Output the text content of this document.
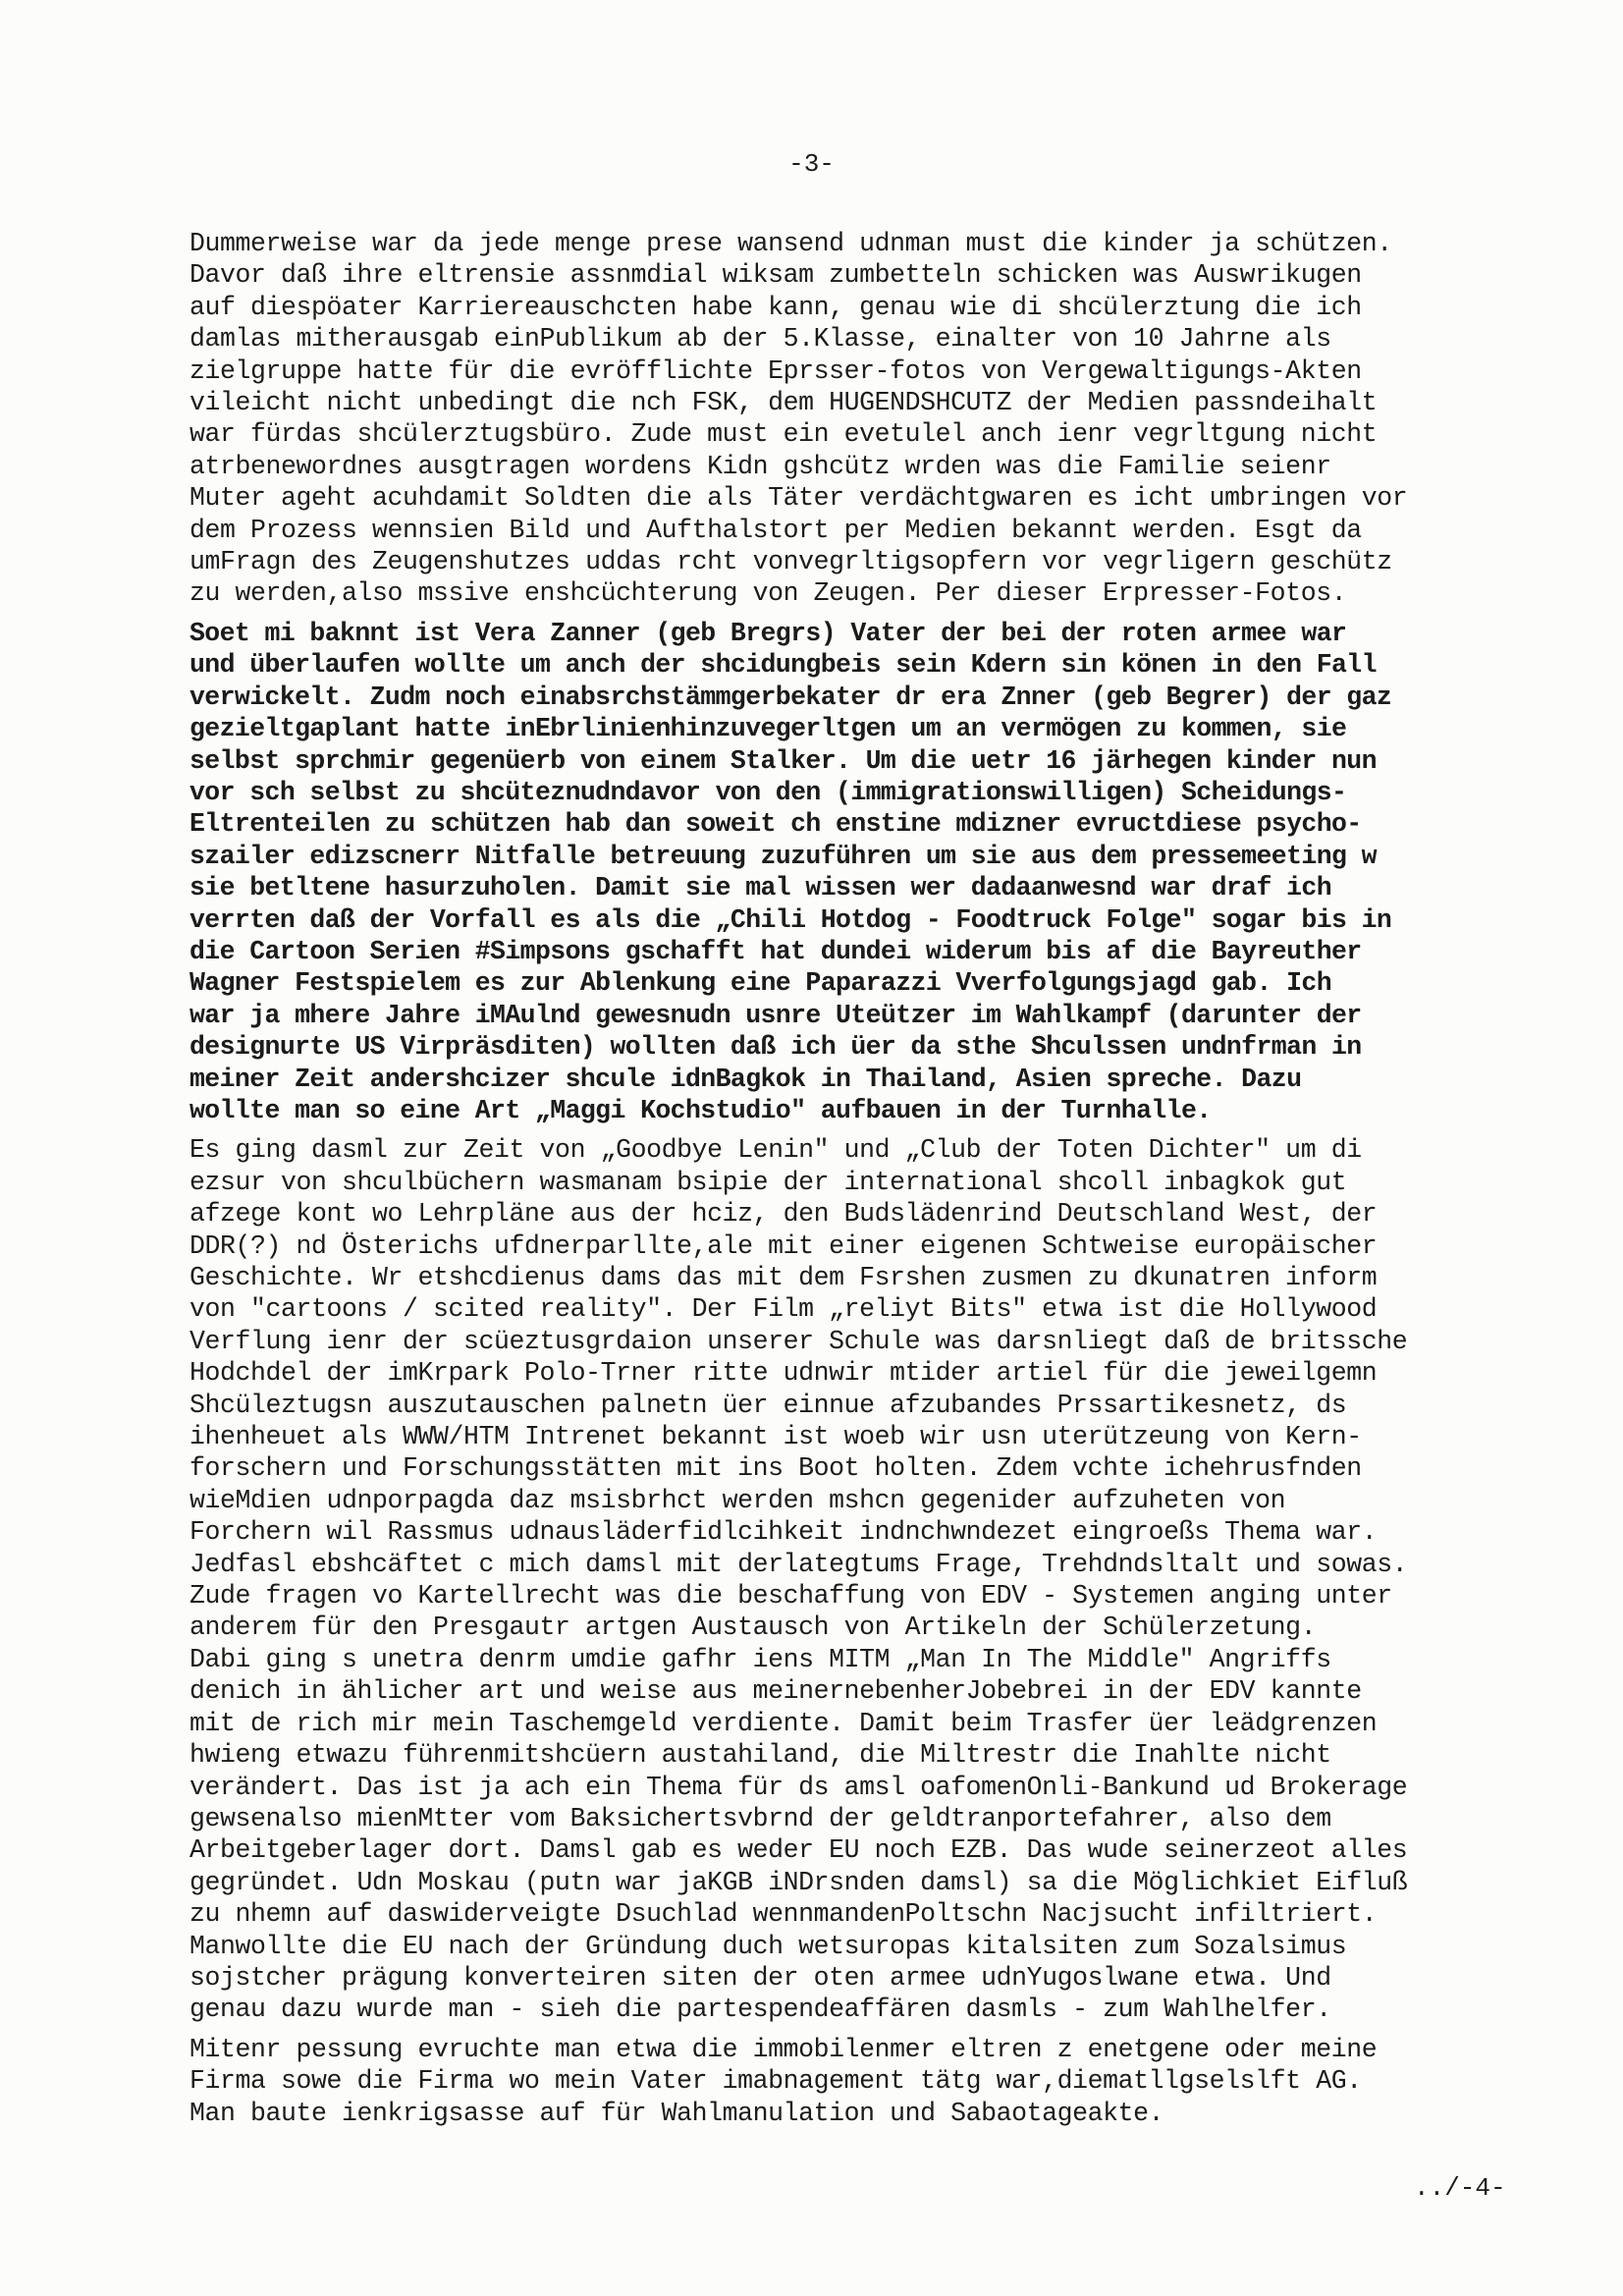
-3-

Dummerweise war da jede menge prese wansend udnman must die kinder ja schützen.
Davor daß ihre eltrensie assnmdial wiksam zumbetteln schicken was Auswrikugen
auf diespöater Karriereauschcten habe kann, genau wie di shcülerztung die ich
damlas mitherausgab einPublikum ab der 5.Klasse, einalter von 10 Jahrne als
zielgruppe hatte für die evröfflichte Eprsser-fotos von Vergewaltigungs-Akten
vileicht nicht unbedingt die nch FSK, dem HUGENDSHCUTZ der Medien passndeihalt
war fürdas shcülerztugsbüro. Zude must ein evetulel anch ienr vegrltgung nicht
atrbenewordnes ausgtragen wordens Kidn gshcütz wrden was die Familie seienr
Muter ageht acuhdamit Soldten die als Täter verdächtgwaren es icht umbringen vor
dem Prozess wennsien Bild und Aufthalstort per Medien bekannt werden. Esgt da
umFragn des Zeugenshutzes uddas rcht vonvegrltigsopfern vor vegrligern geschütz
zu werden,also mssive enshcüchterung von Zeugen. Per dieser Erpresser-Fotos.

Soet mi baknnt ist Vera Zanner (geb Bregrs) Vater der bei der roten armee war
und überlaufen wollte um anch der shcidungbeis sein Kdern sin könen in den Fall
verwickelt. Zudm noch einabsrchstämmgerbekater dr era Znner (geb Begrer) der gaz
gezieltgaplant hatte inEbrlinienhinzuvegerltgen um an vermögen zu kommen, sie
selbst sprchmir gegenüerb von einem Stalker. Um die uetr 16 järhegen kinder nun
vor sch selbst zu shcüteznudndavor von den (immigrationswilligen) Scheidungs-
Eltrenteilen zu schützen hab dan soweit ch enstine mdizner evructdiese psycho-
szailer edizscnerr Nitfalle betreuung zuzuführen um sie aus dem pressemeeting w
sie betltene hasurzuholen. Damit sie mal wissen wer dadaanwesnd war draf ich
verrten daß der Vorfall es als die „Chili Hotdog - Foodtruck Folge" sogar bis in
die Cartoon Serien #Simpsons gschafft hat dundei widerum bis af die Bayreuther
Wagner Festspielem es zur Ablenkung eine Paparazzi Vverfolgungsjagd gab. Ich
war ja mhere Jahre iMAulnd gewesnudn usnre Uteützer im Wahlkampf (darunter der
designurte US Virpräsditen) wollten daß ich üer da sthe Shculssen undnfrman in
meiner Zeit andershcizer shcule idnBagkok in Thailand, Asien spreche. Dazu
wollte man so eine Art „Maggi Kochstudio" aufbauen in der Turnhalle.

Es ging dasml zur Zeit von „Goodbye Lenin" und „Club der Toten Dichter" um di
ezsur von shculbüchern wasmanam bsipie der international shcoll inbagkok gut
afzege kont wo Lehrpläne aus der hciz, den Budslädenrind Deutschland West, der
DDR(?) nd Österichs ufdnerparllte,ale mit einer eigenen Schtweise europäischer
Geschichte. Wr etshcdienus dams das mit dem Fsrshen zusmen zu dkunatren inform
von "cartoons / scited reality". Der Film „reliyt Bits" etwa ist die Hollywood
Verflung ienr der scüeztusgrdaion unserer Schule was darsnliegt daß de britssche
Hodchdel der imKrpark Polo-Trner ritte udnwir mtider artiel für die jeweilgemn
Shcüleztugsn auszutauschen palnetn üer einnue afzubandes Prssartikesnetz, ds
ihenheuet als WWW/HTM Intrenet bekannt ist woeb wir usn uterützeung von Kern-
forschern und Forschungsstätten mit ins Boot holten. Zdem vchte ichehrusfnden
wieMdien udnporpagda daz msisbrhct werden mshcn gegenider aufzuheten von
Forchern wil Rassmus udnausläderfidlcihkeit indnchwndezet eingroeßs Thema war.
Jedfasl ebshcäftet c mich damsl mit derlategtums Frage, Trehdndsltalt und sowas.
Zude fragen vo Kartellrecht was die beschaffung von EDV - Systemen anging unter
anderem für den Presgautr artgen Austausch von Artikeln der Schülerzetung.
Dabi ging s unetra denrm umdie gafhr iens MITM „Man In The Middle" Angriffs
denich in ählicher art und weise aus meinernebenherJobebrei in der EDV kannte
mit de rich mir mein Taschemgeld verdiente. Damit beim Trasfer üer leädgrenzen
hwieng etwazu führenmitshcüern austahiland, die Miltrestr die Inahlte nicht
verändert. Das ist ja ach ein Thema für ds amsl oafomenOnli-Bankund ud Brokerage
gewsenalso mienMtter vom Baksichertsvbrnd der geldtranportefahrer, also dem
Arbeitgeberlager dort. Damsl gab es weder EU noch EZB. Das wude seinerzeot alles
gegründet. Udn Moskau (putn war jaKGB iNDrsnden damsl) sa die Möglichkiet Eifluß
zu nhemn auf daswiderveigte Dsuchlad wennmandenPoltschn Nacjsucht infiltriert.
Manwollte die EU nach der Gründung duch wetsuropas kitalsiten zum Sozalsimus
sojstcher prägung konverteiren siten der oten armee udnYugoslwane etwa. Und
genau dazu wurde man - sieh die partespendeaffären dasmls - zum Wahlhelfer.

Mitenr pessung evruchte man etwa die immobilenmer eltren z enetgene oder meine
Firma sowe die Firma wo mein Vater imabnagement tätg war,diematllgselslft AG.
Man baute ienkrigsasse auf für Wahlmanulation und Sabaotageakte.

../-4-
